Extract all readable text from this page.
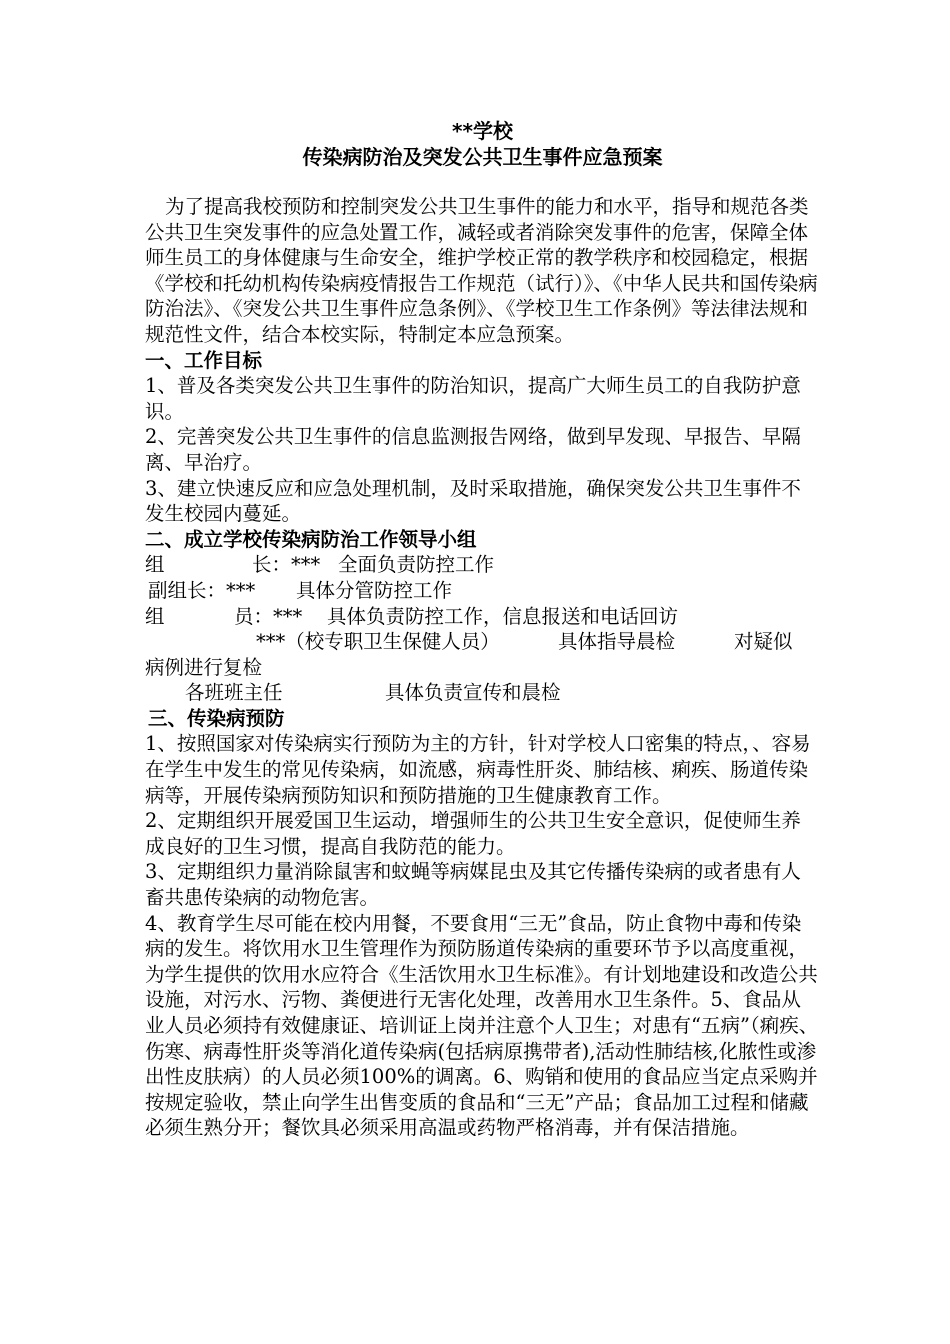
**学校
传染病防治及突发公共卫生事件应急预案

为了提高我校预防和控制突发公共卫生事件的能力和水平，指导和规范各类公共卫生突发事件的应急处置工作，减轻或者消除突发事件的危害，保障全体师生员工的身体健康与生命安全，维护学校正常的教学秩序和校园稳定，根据《学校和托幼机构传染病疫情报告工作规范（试行）》、《中华人民共和国传染病防治法》、《突发公共卫生事件应急条例》、《学校卫生工作条例》等法律法规和规范性文件，结合本校实际，特制定本应急预案。

一、工作目标

1、普及各类突发公共卫生事件的防治知识，提高广大师生员工的自我防护意识。

2、完善突发公共卫生事件的信息监测报告网络，做到早发现、早报告、早隔离、早治疗。

3、建立快速反应和应急处理机制，及时采取措施，确保突发公共卫生事件不发生校园内蔓延。

二、成立学校传染病防治工作领导小组

组	长：*** 全面负责防控工作
副组长：***	具体分管防控工作
组	员：***	具体负责防控工作，信息报送和电话回访
***（校专职卫生保健人员）	具体指导晨检	对疑似
病例进行复检
各班班主任	具体负责宣传和晨检

三、传染病预防

1、按照国家对传染病实行预防为主的方针，针对学校人口密集的特点，、容易在学生中发生的常见传染病，如流感，病毒性肝炎、肺结核、痢疾、肠道传染病等，开展传染病预防知识和预防措施的卫生健康教育工作。

2、定期组织开展爱国卫生运动，增强师生的公共卫生安全意识，促使师生养成良好的卫生习惯，提高自我防范的能力。

3、定期组织力量消除鼠害和蚊蝇等病媒昆虫及其它传播传染病的或者患有人畜共患传染病的动物危害。

4、教育学生尽可能在校内用餐，不要食用“三无”食品，防止食物中毒和传染病的发生。将饮用水卫生管理作为预防肠道传染病的重要环节予以高度重视，为学生提供的饮用水应符合《生活饮用水卫生标准》。有计划地建设和改造公共设施，对污水、污物、粪便进行无害化处理，改善用水卫生条件。5、食品从业人员必须持有效健康证、培训证上岗并注意个人卫生；对患有“五病”（痢疾、伤寒、病毒性肝炎等消化道传染病(包括病原携带者),活动性肺结核,化脓性或渗出性皮肤病）的人员必须100%的调离。6、购销和使用的食品应当定点采购并按规定验收，禁止向学生出售变质的食品和“三无”产品；食品加工过程和储藏必须生熟分开；餐饮具必须采用高温或药物严格消毒，并有保洁措施。
